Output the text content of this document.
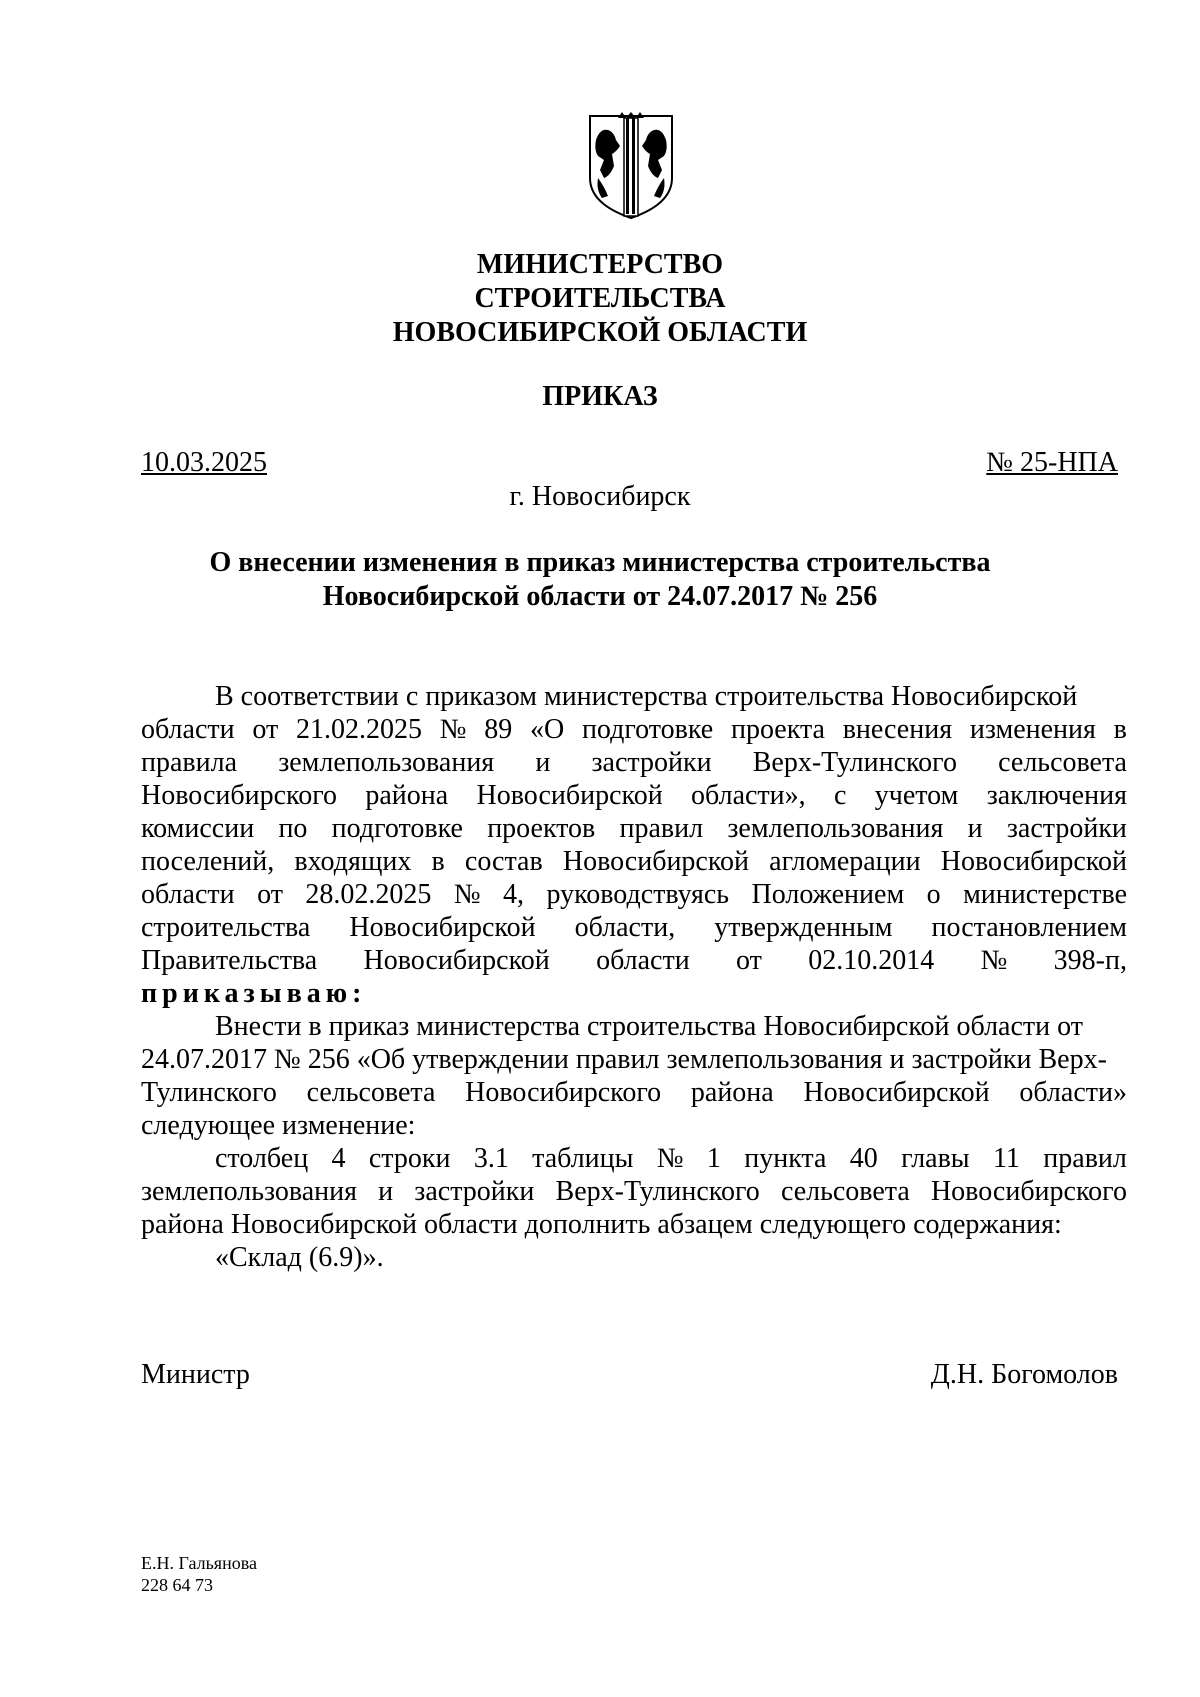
МИНИСТЕРСТВО
СТРОИТЕЛЬСТВА
НОВОСИБИРСКОЙ ОБЛАСТИ
ПРИКАЗ
10.03.2025	№ 25-НПА
г. Новосибирск
О внесении изменения в приказ министерства строительства
Новосибирской области от 24.07.2017 № 256
В соответствии с приказом министерства строительства Новосибирской
области от 21.02.2025 № 89 «О подготовке проекта внесения изменения в
правила землепользования и застройки Верх-Тулинского сельсовета
Новосибирского района Новосибирской области», с учетом заключения
комиссии по подготовке проектов правил землепользования и застройки
поселений, входящих в состав Новосибирской агломерации Новосибирской
области от 28.02.2025 № 4, руководствуясь Положением о министерстве
строительства Новосибирской области, утвержденным постановлением
Правительства Новосибирской области от 02.10.2014 № 398-п,
приказываю:
Внести в приказ министерства строительства Новосибирской области от
24.07.2017 № 256 «Об утверждении правил землепользования и застройки Верх-
Тулинского сельсовета Новосибирского района Новосибирской области»
следующее изменение:
столбец 4 строки 3.1 таблицы № 1 пункта 40 главы 11 правил
землепользования и застройки Верх-Тулинского сельсовета Новосибирского
района Новосибирской области дополнить абзацем следующего содержания:
«Склад (6.9)».
Министр	Д.Н. Богомолов
Е.Н. Гальянова
228 64 73
